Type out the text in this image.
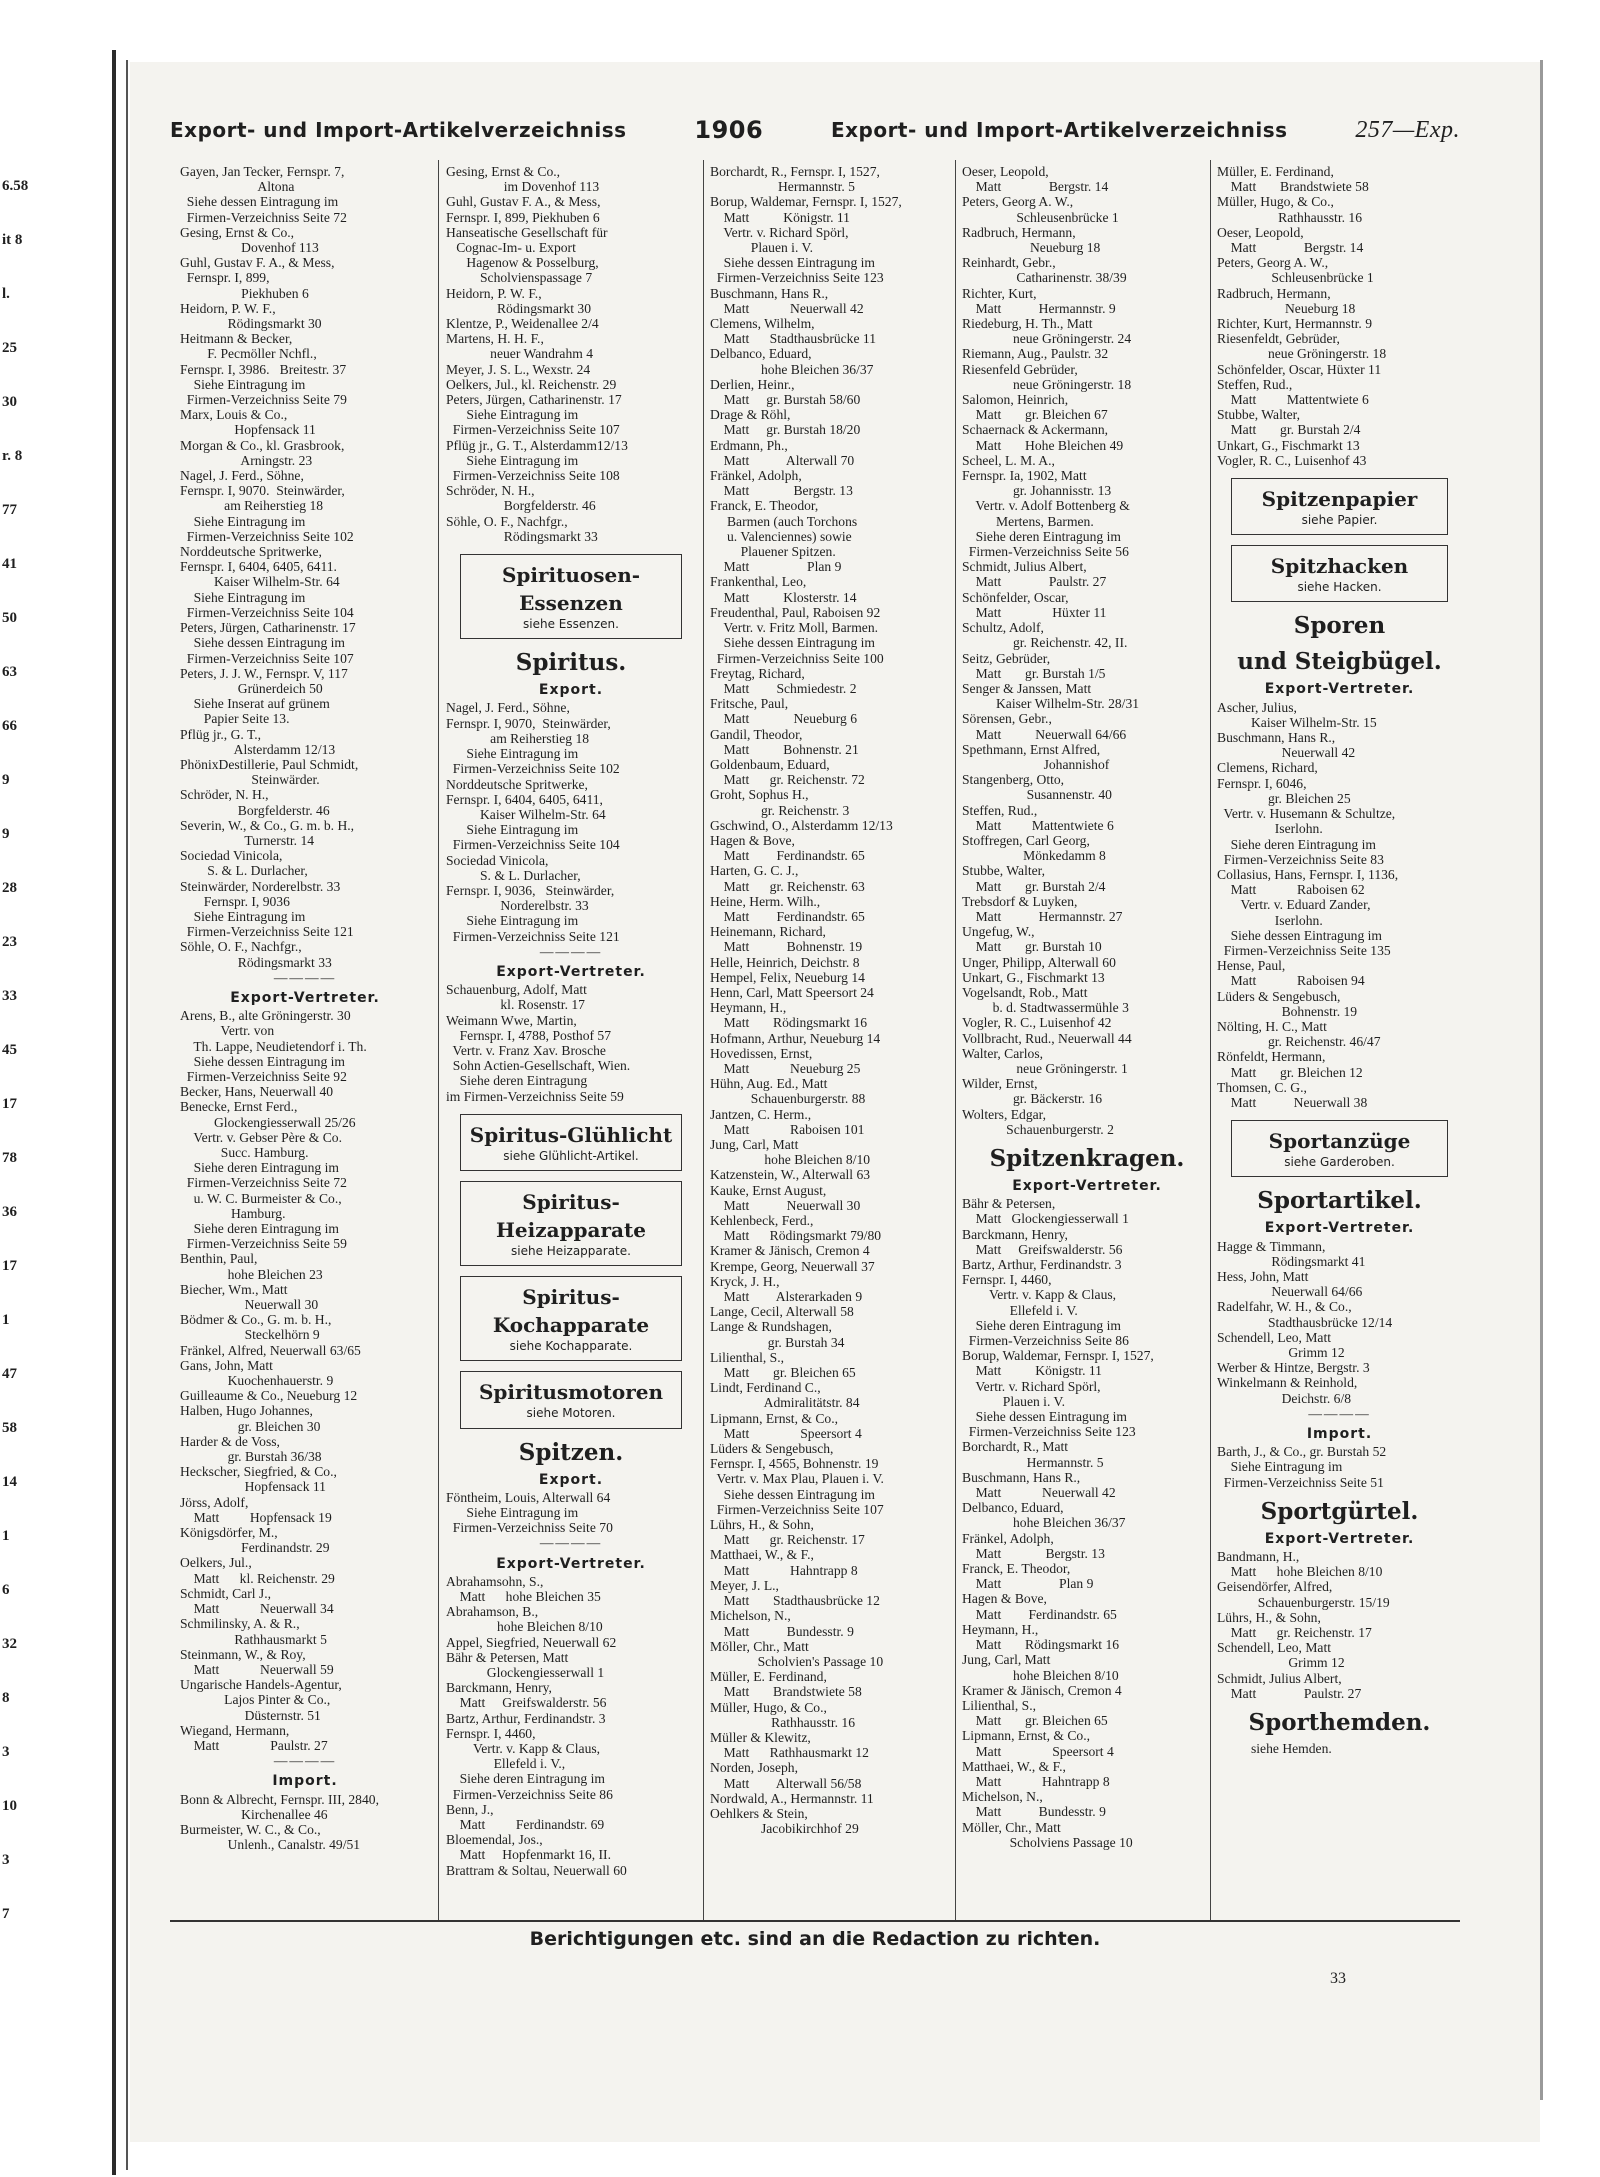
6.58
it 8
l.
25
30
r. 8
77
41
50
63
66
9
9
28
23
33
45
17
78
36
17
1
47
58
14
1
6
32
8
3
10
3
7
Export- und Import-Artikelverzeichniss	1906	Export- und Import-Artikelverzeichniss	257—Exp.
Gayen, Jan Tecker, Fernspr. 7,
Altona
Siehe dessen Eintragung im
Firmen-Verzeichniss Seite 72
Gesing, Ernst & Co.,
Dovenhof 113
Guhl, Gustav F. A., & Mess,
Fernspr. I, 899,
Piekhuben 6
Heidorn, P. W. F.,
Rödingsmarkt 30
Heitmann & Becker,
F. Pecmöller Nchfl.,
Fernspr. I, 3986.   Breitestr. 37
Siehe Eintragung im
Firmen-Verzeichniss Seite 79
Marx, Louis & Co.,
Hopfensack 11
Morgan & Co., kl. Grasbrook,
Arningstr. 23
Nagel, J. Ferd., Söhne,
Fernspr. I, 9070.  Steinwärder,
am Reiherstieg 18
Siehe Eintragung im
Firmen-Verzeichniss Seite 102
Norddeutsche Spritwerke,
Fernspr. I, 6404, 6405, 6411.
Kaiser Wilhelm-Str. 64
Siehe Eintragung im
Firmen-Verzeichniss Seite 104
Peters, Jürgen, Catharinenstr. 17
Siehe dessen Eintragung im
Firmen-Verzeichniss Seite 107
Peters, J. J. W., Fernspr. V, 117
Grünerdeich 50
Siehe Inserat auf grünem
Papier Seite 13.
Pflüg jr., G. T.,
Alsterdamm 12/13
PhönixDestillerie, Paul Schmidt,
Steinwärder.
Schröder, N. H.,
Borgfelderstr. 46
Severin, W., & Co., G. m. b. H.,
Turnerstr. 14
Sociedad Vinicola,
S. & L. Durlacher,
Steinwärder, Norderelbstr. 33
Fernspr. I, 9036
Siehe Eintragung im
Firmen-Verzeichniss Seite 121
Söhle, O. F., Nachfgr.,
Rödingsmarkt 33
————
Export-Vertreter.
Arens, B., alte Gröningerstr. 30
Vertr. von
Th. Lappe, Neudietendorf i. Th.
Siehe dessen Eintragung im
Firmen-Verzeichniss Seite 92
Becker, Hans, Neuerwall 40
Benecke, Ernst Ferd.,
Glockengiesserwall 25/26
Vertr. v. Gebser Père & Co.
Succ. Hamburg.
Siehe deren Eintragung im
Firmen-Verzeichniss Seite 72
u. W. C. Burmeister & Co.,
Hamburg.
Siehe deren Eintragung im
Firmen-Verzeichniss Seite 59
Benthin, Paul,
hohe Bleichen 23
Biecher, Wm., Matt
Neuerwall 30
Bödmer & Co., G. m. b. H.,
Steckelhörn 9
Fränkel, Alfred, Neuerwall 63/65
Gans, John, Matt
Kuochenhauerstr. 9
Guilleaume & Co., Neueburg 12
Halben, Hugo Johannes,
gr. Bleichen 30
Harder & de Voss,
gr. Burstah 36/38
Heckscher, Siegfried, & Co.,
Hopfensack 11
Jörss, Adolf,
Matt         Hopfensack 19
Königsdörfer, M.,
Ferdinandstr. 29
Oelkers, Jul.,
Matt      kl. Reichenstr. 29
Schmidt, Carl J.,
Matt            Neuerwall 34
Schmilinsky, A. & R.,
Rathhausmarkt 5
Steinmann, W., & Roy,
Matt            Neuerwall 59
Ungarische Handels-Agentur,
Lajos Pinter & Co.,
Düsternstr. 51
Wiegand, Hermann,
Matt               Paulstr. 27
————
Import.
Bonn & Albrecht, Fernspr. III, 2840,
Kirchenallee 46
Burmeister, W. C., & Co.,
Unlenh., Canalstr. 49/51
Gesing, Ernst & Co.,
im Dovenhof 113
Guhl, Gustav F. A., & Mess,
Fernspr. I, 899, Piekhuben 6
Hanseatische Gesellschaft für
Cognac-Im- u. Export
Hagenow & Posselburg,
Scholvienspassage 7
Heidorn, P. W. F.,
Rödingsmarkt 30
Klentze, P., Weidenallee 2/4
Martens, H. H. F.,
neuer Wandrahm 4
Meyer, J. S. L., Wexstr. 24
Oelkers, Jul., kl. Reichenstr. 29
Peters, Jürgen, Catharinenstr. 17
Siehe Eintragung im
Firmen-Verzeichniss Seite 107
Pflüg jr., G. T., Alsterdamm12/13
Siehe Eintragung im
Firmen-Verzeichniss Seite 108
Schröder, N. H.,
Borgfelderstr. 46
Söhle, O. F., Nachfgr.,
Rödingsmarkt 33
Spirituosen-Essenzen
siehe Essenzen.
Spiritus.
Export.
Nagel, J. Ferd., Söhne,
Fernspr. I, 9070,  Steinwärder,
am Reiherstieg 18
Siehe Eintragung im
Firmen-Verzeichniss Seite 102
Norddeutsche Spritwerke,
Fernspr. I, 6404, 6405, 6411,
Kaiser Wilhelm-Str. 64
Siehe Eintragung im
Firmen-Verzeichniss Seite 104
Sociedad Vinicola,
S. & L. Durlacher,
Fernspr. I, 9036,   Steinwärder,
Norderelbstr. 33
Siehe Eintragung im
Firmen-Verzeichniss Seite 121
————
Export-Vertreter.
Schauenburg, Adolf, Matt
kl. Rosenstr. 17
Weimann Wwe, Martin,
Fernspr. I, 4788, Posthof 57
Vertr. v. Franz Xav. Brosche
Sohn Actien-Gesellschaft, Wien.
Siehe deren Eintragung
im Firmen-Verzeichniss Seite 59
Spiritus-Glühlicht
siehe Glühlicht-Artikel.
Spiritus-Heizapparate
siehe Heizapparate.
Spiritus-Kochapparate
siehe Kochapparate.
Spiritusmotoren
siehe Motoren.
Spitzen.
Export.
Föntheim, Louis, Alterwall 64
Siehe Eintragung im
Firmen-Verzeichniss Seite 70
————
Export-Vertreter.
Abrahamsohn, S.,
Matt      hohe Bleichen 35
Abrahamson, B.,
hohe Bleichen 8/10
Appel, Siegfried, Neuerwall 62
Bähr & Petersen, Matt
Glockengiesserwall 1
Barckmann, Henry,
Matt     Greifswalderstr. 56
Bartz, Arthur, Ferdinandstr. 3
Fernspr. I, 4460,
Vertr. v. Kapp & Claus,
Ellefeld i. V.,
Siehe deren Eintragung im
Firmen-Verzeichniss Seite 86
Benn, J.,
Matt         Ferdinandstr. 69
Bloemendal, Jos.,
Matt     Hopfenmarkt 16, II.
Brattram & Soltau, Neuerwall 60
Borchardt, R., Fernspr. I, 1527,
Hermannstr. 5
Borup, Waldemar, Fernspr. I, 1527,
Matt          Königstr. 11
Vertr. v. Richard Spörl,
Plauen i. V.
Siehe dessen Eintragung im
Firmen-Verzeichniss Seite 123
Buschmann, Hans R.,
Matt            Neuerwall 42
Clemens, Wilhelm,
Matt      Stadthausbrücke 11
Delbanco, Eduard,
hohe Bleichen 36/37
Derlien, Heinr.,
Matt     gr. Burstah 58/60
Drage & Röhl,
Matt     gr. Burstah 18/20
Erdmann, Ph.,
Matt           Alterwall 70
Fränkel, Adolph,
Matt             Bergstr. 13
Franck, E. Theodor,
Barmen (auch Torchons
u. Valenciennes) sowie
Plauener Spitzen.
Matt                 Plan 9
Frankenthal, Leo,
Matt          Klosterstr. 14
Freudenthal, Paul, Raboisen 92
Vertr. v. Fritz Moll, Barmen.
Siehe dessen Eintragung im
Firmen-Verzeichniss Seite 100
Freytag, Richard,
Matt        Schmiedestr. 2
Fritsche, Paul,
Matt             Neueburg 6
Gandil, Theodor,
Matt          Bohnenstr. 21
Goldenbaum, Eduard,
Matt      gr. Reichenstr. 72
Groht, Sophus H.,
gr. Reichenstr. 3
Gschwind, O., Alsterdamm 12/13
Hagen & Bove,
Matt        Ferdinandstr. 65
Harten, G. C. J.,
Matt      gr. Reichenstr. 63
Heine, Herm. Wilh.,
Matt        Ferdinandstr. 65
Heinemann, Richard,
Matt           Bohnenstr. 19
Helle, Heinrich, Deichstr. 8
Hempel, Felix, Neueburg 14
Henn, Carl, Matt Speersort 24
Heymann, H.,
Matt       Rödingsmarkt 16
Hofmann, Arthur, Neueburg 14
Hovedissen, Ernst,
Matt            Neueburg 25
Hühn, Aug. Ed., Matt
Schauenburgerstr. 88
Jantzen, C. Herm.,
Matt            Raboisen 101
Jung, Carl, Matt
hohe Bleichen 8/10
Katzenstein, W., Alterwall 63
Kauke, Ernst August,
Matt           Neuerwall 30
Kehlenbeck, Ferd.,
Matt      Rödingsmarkt 79/80
Kramer & Jänisch, Cremon 4
Krempe, Georg, Neuerwall 37
Kryck, J. H.,
Matt        Alsterarkaden 9
Lange, Cecil, Alterwall 58
Lange & Rundshagen,
gr. Burstah 34
Lilienthal, S.,
Matt       gr. Bleichen 65
Lindt, Ferdinand C.,
Admiralitätstr. 84
Lipmann, Ernst, & Co.,
Matt               Speersort 4
Lüders & Sengebusch,
Fernspr. I, 4565, Bohnenstr. 19
Vertr. v. Max Plau, Plauen i. V.
Siehe dessen Eintragung im
Firmen-Verzeichniss Seite 107
Lührs, H., & Sohn,
Matt      gr. Reichenstr. 17
Matthaei, W., & F.,
Matt            Hahntrapp 8
Meyer, J. L.,
Matt       Stadthausbrücke 12
Michelson, N.,
Matt           Bundesstr. 9
Möller, Chr., Matt
Scholvien's Passage 10
Müller, E. Ferdinand,
Matt       Brandstwiete 58
Müller, Hugo, & Co.,
Rathhausstr. 16
Müller & Klewitz,
Matt      Rathhausmarkt 12
Norden, Joseph,
Matt        Alterwall 56/58
Nordwald, A., Hermannstr. 11
Oehlkers & Stein,
Jacobikirchhof 29
Oeser, Leopold,
Matt              Bergstr. 14
Peters, Georg A. W.,
Schleusenbrücke 1
Radbruch, Hermann,
Neueburg 18
Reinhardt, Gebr.,
Catharinenstr. 38/39
Richter, Kurt,
Matt           Hermannstr. 9
Riedeburg, H. Th., Matt
neue Gröningerstr. 24
Riemann, Aug., Paulstr. 32
Riesenfeld Gebrüder,
neue Gröningerstr. 18
Salomon, Heinrich,
Matt       gr. Bleichen 67
Schaernack & Ackermann,
Matt       Hohe Bleichen 49
Scheel, L. M. A.,
Fernspr. Ia, 1902, Matt
gr. Johannisstr. 13
Vertr. v. Adolf Bottenberg &
Mertens, Barmen.
Siehe deren Eintragung im
Firmen-Verzeichniss Seite 56
Schmidt, Julius Albert,
Matt              Paulstr. 27
Schönfelder, Oscar,
Matt               Hüxter 11
Schultz, Adolf,
gr. Reichenstr. 42, II.
Seitz, Gebrüder,
Matt       gr. Burstah 1/5
Senger & Janssen, Matt
Kaiser Wilhelm-Str. 28/31
Sörensen, Gebr.,
Matt          Neuerwall 64/66
Spethmann, Ernst Alfred,
Johannishof
Stangenberg, Otto,
Susannenstr. 40
Steffen, Rud.,
Matt         Mattentwiete 6
Stoffregen, Carl Georg,
Mönkedamm 8
Stubbe, Walter,
Matt       gr. Burstah 2/4
Trebsdorf & Luyken,
Matt           Hermannstr. 27
Ungefug, W.,
Matt       gr. Burstah 10
Unger, Philipp, Alterwall 60
Unkart, G., Fischmarkt 13
Vogelsandt, Rob., Matt
b. d. Stadtwassermühle 3
Vogler, R. C., Luisenhof 42
Vollbracht, Rud., Neuerwall 44
Walter, Carlos,
neue Gröningerstr. 1
Wilder, Ernst,
gr. Bäckerstr. 16
Wolters, Edgar,
Schauenburgerstr. 2
Spitzenkragen.
Export-Vertreter.
Bähr & Petersen,
Matt   Glockengiesserwall 1
Barckmann, Henry,
Matt     Greifswalderstr. 56
Bartz, Arthur, Ferdinandstr. 3
Fernspr. I, 4460,
Vertr. v. Kapp & Claus,
Ellefeld i. V.
Siehe deren Eintragung im
Firmen-Verzeichniss Seite 86
Borup, Waldemar, Fernspr. I, 1527,
Matt          Königstr. 11
Vertr. v. Richard Spörl,
Plauen i. V.
Siehe dessen Eintragung im
Firmen-Verzeichniss Seite 123
Borchardt, R., Matt
Hermannstr. 5
Buschmann, Hans R.,
Matt            Neuerwall 42
Delbanco, Eduard,
hohe Bleichen 36/37
Fränkel, Adolph,
Matt             Bergstr. 13
Franck, E. Theodor,
Matt                 Plan 9
Hagen & Bove,
Matt        Ferdinandstr. 65
Heymann, H.,
Matt       Rödingsmarkt 16
Jung, Carl, Matt
hohe Bleichen 8/10
Kramer & Jänisch, Cremon 4
Lilienthal, S.,
Matt       gr. Bleichen 65
Lipmann, Ernst, & Co.,
Matt               Speersort 4
Matthaei, W., & F.,
Matt            Hahntrapp 8
Michelson, N.,
Matt           Bundesstr. 9
Möller, Chr., Matt
Scholviens Passage 10
Müller, E. Ferdinand,
Matt       Brandstwiete 58
Müller, Hugo, & Co.,
Rathhausstr. 16
Oeser, Leopold,
Matt              Bergstr. 14
Peters, Georg A. W.,
Schleusenbrücke 1
Radbruch, Hermann,
Neueburg 18
Richter, Kurt, Hermannstr. 9
Riesenfeldt, Gebrüder,
neue Gröningerstr. 18
Schönfelder, Oscar, Hüxter 11
Steffen, Rud.,
Matt         Mattentwiete 6
Stubbe, Walter,
Matt       gr. Burstah 2/4
Unkart, G., Fischmarkt 13
Vogler, R. C., Luisenhof 43
Spitzenpapier
siehe Papier.
Spitzhacken
siehe Hacken.
Sporen
und Steigbügel.
Export-Vertreter.
Ascher, Julius,
Kaiser Wilhelm-Str. 15
Buschmann, Hans R.,
Neuerwall 42
Clemens, Richard,
Fernspr. I, 6046,
gr. Bleichen 25
Vertr. v. Husemann & Schultze,
Iserlohn.
Siehe deren Eintragung im
Firmen-Verzeichniss Seite 83
Collasius, Hans, Fernspr. I, 1136,
Matt            Raboisen 62
Vertr. v. Eduard Zander,
Iserlohn.
Siehe dessen Eintragung im
Firmen-Verzeichniss Seite 135
Hense, Paul,
Matt            Raboisen 94
Lüders & Sengebusch,
Bohnenstr. 19
Nölting, H. C., Matt
gr. Reichenstr. 46/47
Rönfeldt, Hermann,
Matt       gr. Bleichen 12
Thomsen, C. G.,
Matt           Neuerwall 38
Sportanzüge
siehe Garderoben.
Sportartikel.
Export-Vertreter.
Hagge & Timmann,
Rödingsmarkt 41
Hess, John, Matt
Neuerwall 64/66
Radelfahr, W. H., & Co.,
Stadthausbrücke 12/14
Schendell, Leo, Matt
Grimm 12
Werber & Hintze, Bergstr. 3
Winkelmann & Reinhold,
Deichstr. 6/8
————
Import.
Barth, J., & Co., gr. Burstah 52
Siehe Eintragung im
Firmen-Verzeichniss Seite 51
Sportgürtel.
Export-Vertreter.
Bandmann, H.,
Matt      hohe Bleichen 8/10
Geisendörfer, Alfred,
Schauenburgerstr. 15/19
Lührs, H., & Sohn,
Matt      gr. Reichenstr. 17
Schendell, Leo, Matt
Grimm 12
Schmidt, Julius Albert,
Matt              Paulstr. 27
Sporthemden.
siehe Hemden.
Berichtigungen etc. sind an die Redaction zu richten.
33
